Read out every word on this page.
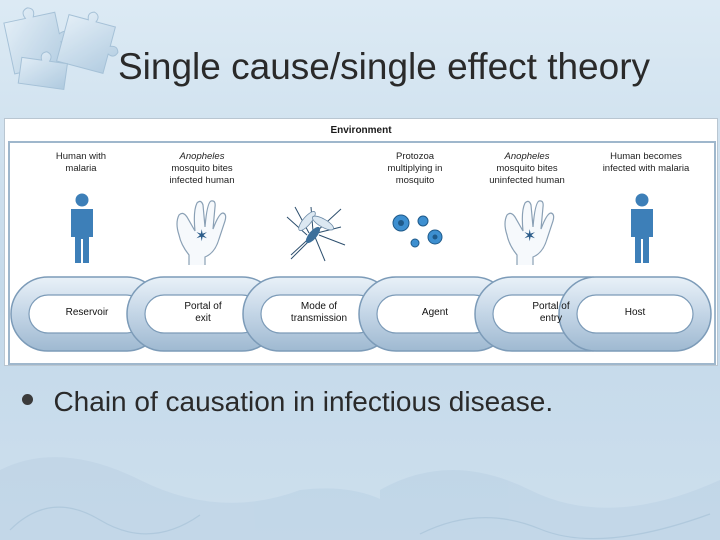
Single cause/single effect theory
Environment
Human with
malaria
Anopheles
mosquito bites
infected human
Protozoa
multiplying in
mosquito
Anopheles
mosquito bites
uninfected human
Human becomes
infected with malaria
✶	✶
Reservoir
Portal of
exit
Mode of
transmission
Agent
Portal of
entry
Host
Chain of causation in infectious disease.
